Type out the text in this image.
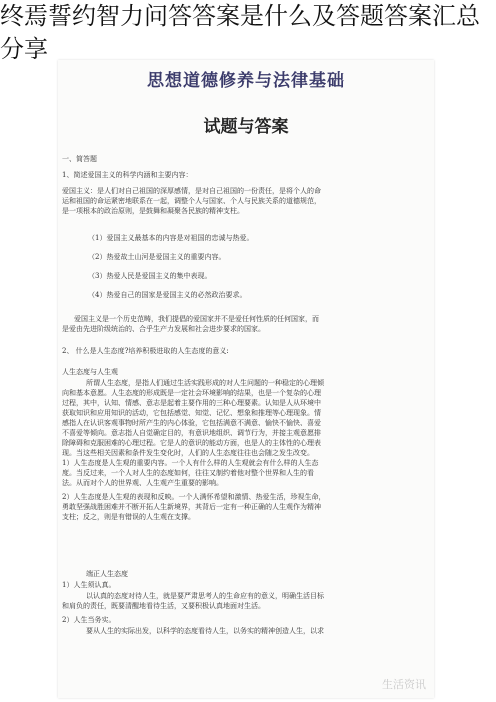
终焉誓约智力问答答案是什么及答题答案汇总分享
思想道德修养与法律基础
试题与答案
一、简答题
1、简述爱国主义的科学内涵和主要内容：
爱国主义：是人们对自己祖国的深厚感情，是对自己祖国的一份责任，是将个人的命
运和祖国的命运紧密地联系在一起，调整个人与国家、个人与民族关系的道德规范，
是一项根本的政治原则，是鼓舞和凝聚各民族的精神支柱。
（1）爱国主义最基本的内容是对祖国的忠诚与热爱。
（2）热爱故土山河是爱国主义的重要内容。
（3）热爱人民是爱国主义的集中表现。
（4）热爱自己的国家是爱国主义的必然政治要求。
爱国主义是一个历史范畴，我们提倡的爱国家并不是爱任何性质的任何国家，而
是爱由先进阶级统治的、合乎生产力发展和社会进步要求的国家。
2、 什么是人生态度?培养积极进取的人生态度的意义:
人生态度与人生观
所谓人生态度，是指人们通过生活实践形成的对人生问题的一种稳定的心理倾
向和基本意愿。人生态度的形成既是一定社会环境影响的结果，也是一个复杂的心理
过程，其中，认知、情感、意志是起着主要作用的三种心理要素。认知是人从环境中
获取知识和应用知识的活动，它包括感觉、知觉、记忆、想象和推理等心理现象。情
感指人在认识客观事物时所产生的内心体验，它包括满意不满意、愉快不愉快、喜爱
不喜爱等倾向。意志指人自觉确定目的，有意识地组织、调节行为，并接主观意愿排
除障碍和克服困难的心理过程。它是人的意识的能动方面，也是人的主体性的心理表
现。当这些相关因素和条件发生变化时，人们的人生态度往往也会随之发生改变。
1）人生态度是人生观的重要内容。一个人有什么样的人生观就会有什么样的人生态
度。当反过来，一个人对人生的态度如何，往往又制约着他对整个世界和人生的看
法。从而对个人的世界观、人生观产生重要的影响。
2）人生态度是人生观的表现和反映。一个人满怀希望和激情、热爱生活，珍视生命，
勇敢坚强战胜困难并不断开拓人生新境界，其背后一定有一种正确的人生观作为精神
支柱；反之，则是有错误的人生观在支撑。
端正人生态度
1）人生须认真。
以认真的态度对待人生，就是要严肃思考人的生命应有的意义，明确生活目标
和肩负的责任，既要清醒地看待生活，又要积极认真地面对生活。
2）人生当务实。
要从人生的实际出发，以科学的态度看待人生，以务实的精神创造人生，以求
生活资讯
